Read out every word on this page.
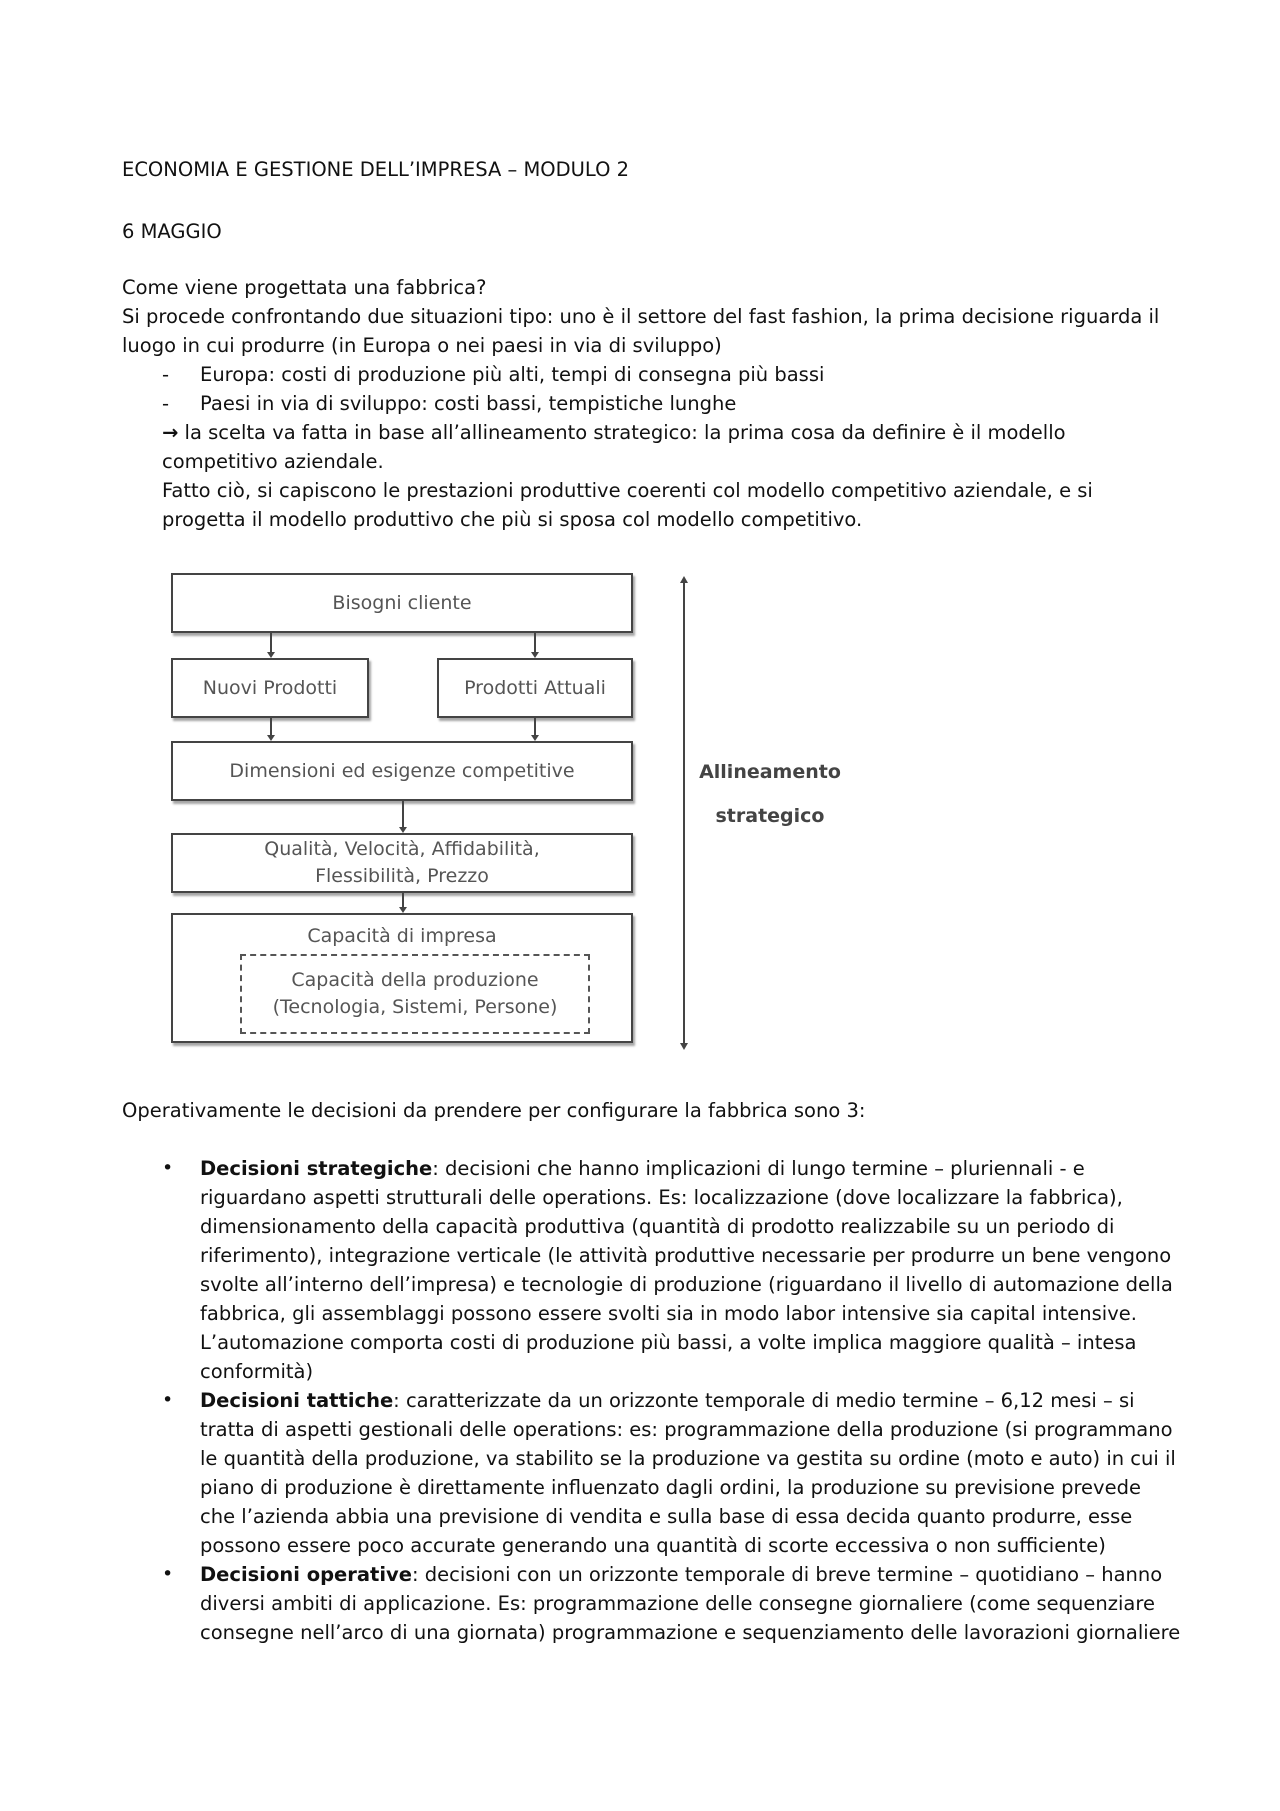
ECONOMIA E GESTIONE DELL’IMPRESA – MODULO 2
6 MAGGIO

Come viene progettata una fabbrica?

Si procede confrontando due situazioni tipo: uno è il settore del fast fashion, la prima decisione riguarda il luogo in cui produrre (in Europa o nei paesi in via di sviluppo)

- Europa: costi di produzione più alti, tempi di consegna più bassi
- Paesi in via di sviluppo: costi bassi, tempistiche lunghe

→ la scelta va fatta in base all’allineamento strategico: la prima cosa da definire è il modello competitivo aziendale.

Fatto ciò, si capiscono le prestazioni produttive coerenti col modello competitivo aziendale, e si progetta il modello produttivo che più si sposa col modello competitivo.

Bisogni cliente
Nuovi Prodotti	Prodotti Attuali
Dimensioni ed esigenze competitive
Qualità, Velocità, Affidabilità,
Flessibilità, Prezzo
Capacità di impresa
Capacità della produzione
(Tecnologia, Sistemi, Persone)
Allineamento
strategico
Operativamente le decisioni da prendere per configurare la fabbrica sono 3:
• Decisioni strategiche: decisioni che hanno implicazioni di lungo termine – pluriennali - e riguardano aspetti strutturali delle operations. Es: localizzazione (dove localizzare la fabbrica), dimensionamento della capacità produttiva (quantità di prodotto realizzabile su un periodo di riferimento), integrazione verticale (le attività produttive necessarie per produrre un bene vengono svolte all’interno dell’impresa) e tecnologie di produzione (riguardano il livello di automazione della fabbrica, gli assemblaggi possono essere svolti sia in modo labor intensive sia capital intensive. L’automazione comporta costi di produzione più bassi, a volte implica maggiore qualità – intesa conformità)
• Decisioni tattiche: caratterizzate da un orizzonte temporale di medio termine – 6,12 mesi – si tratta di aspetti gestionali delle operations: es: programmazione della produzione (si programmano le quantità della produzione, va stabilito se la produzione va gestita su ordine (moto e auto) in cui il piano di produzione è direttamente influenzato dagli ordini, la produzione su previsione prevede che l’azienda abbia una previsione di vendita e sulla base di essa decida quanto produrre, esse possono essere poco accurate generando una quantità di scorte eccessiva o non sufficiente)
• Decisioni operative: decisioni con un orizzonte temporale di breve termine – quotidiano – hanno diversi ambiti di applicazione. Es: programmazione delle consegne giornaliere (come sequenziare consegne nell’arco di una giornata) programmazione e sequenziamento delle lavorazioni giornaliere
